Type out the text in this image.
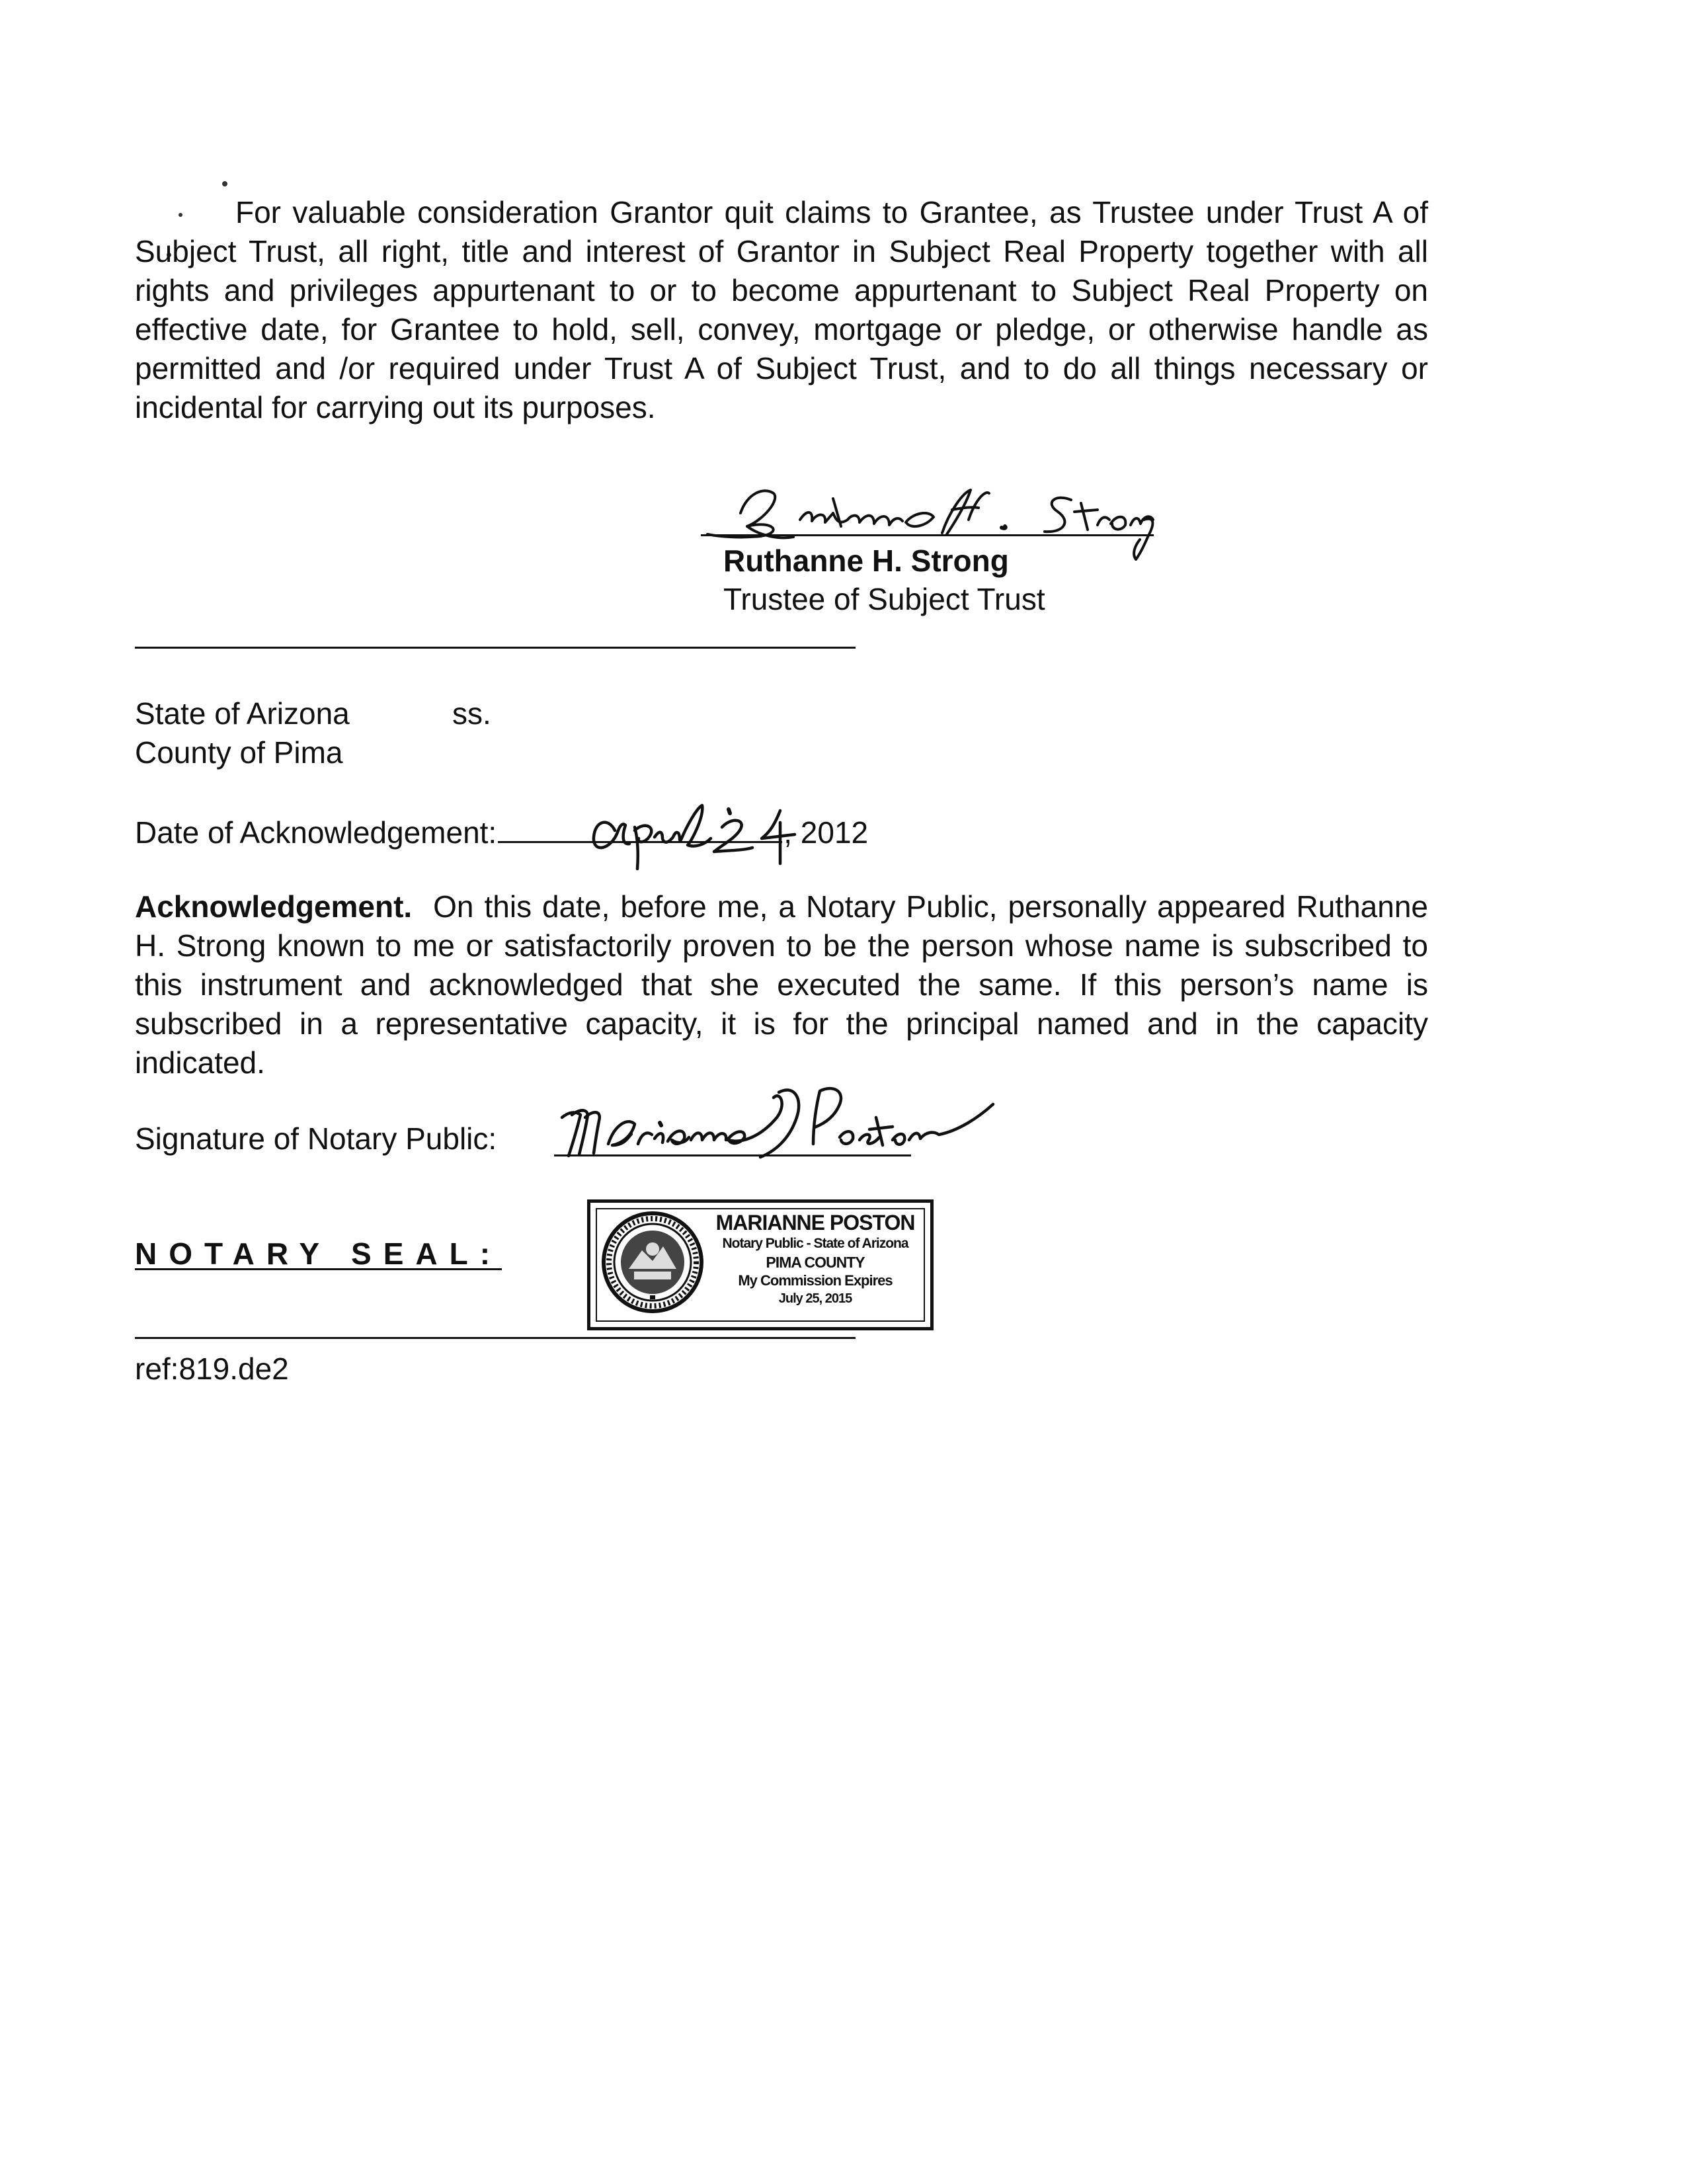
For valuable consideration Grantor quit claims to Grantee, as Trustee under Trust A of Subject Trust, all right, title and interest of Grantor in Subject Real Property together with all rights and privileges appurtenant to or to become appurtenant to Subject Real Property on effective date, for Grantee to hold, sell, convey, mortgage or pledge, or otherwise handle as permitted and /or required under Trust A of Subject Trust, and to do all things necessary or incidental for carrying out its purposes.

Ruthanne H. Strong
Trustee of Subject Trust
State of Arizona
County of Pima
ss.
Date of Acknowledgement:	, 2012

Acknowledgement. On this date, before me, a Notary Public, personally appeared Ruthanne H. Strong known to me or satisfactorily proven to be the person whose name is subscribed to this instrument and acknowledged that she executed the same. If this person’s name is subscribed in a representative capacity, it is for the principal named and in the capacity indicated.

Signature of Notary Public:
NOTARY SEAL:
MARIANNE POSTON
Notary Public - State of Arizona
PIMA COUNTY
My Commission Expires
July 25, 2015
ref:819.de2
